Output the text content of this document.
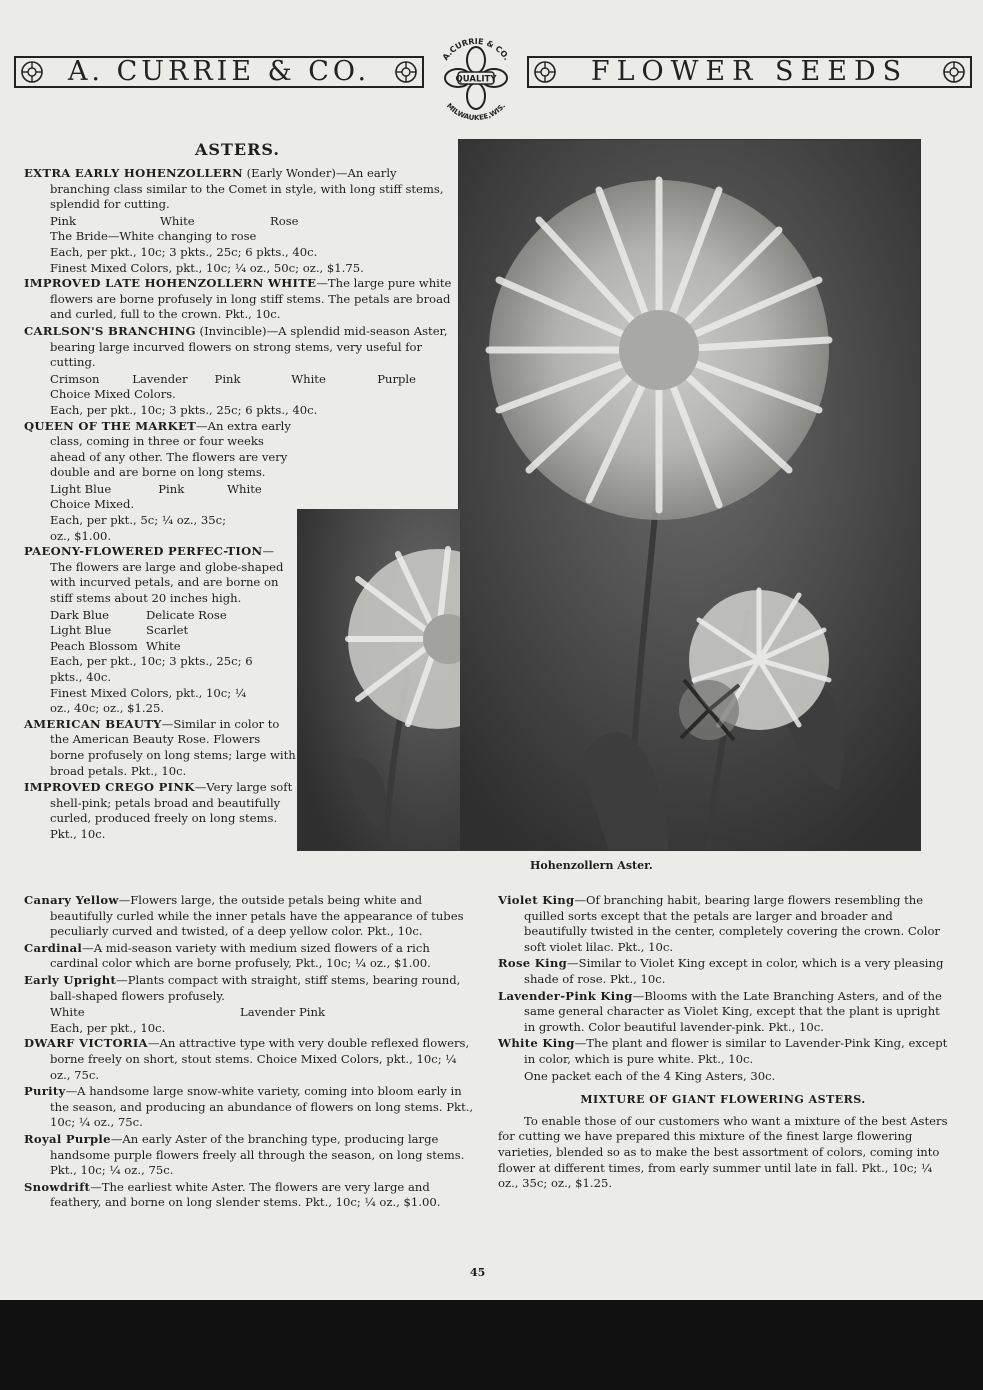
A. CURRIE & CO.	QUALITY
A.CURRIE & CO.
MILWAUKEE,WIS.
FLOWER SEEDS
ASTERS.
Hohenzollern Aster.
EXTRA EARLY HOHENZOLLERN (Early Wonder)—An early branching class similar to the Comet in style, with long stiff stems, splendid for cutting.
Pink	White	Rose
The Bride—White changing to rose
Each, per pkt., 10c; 3 pkts., 25c; 6 pkts., 40c.
Finest Mixed Colors, pkt., 10c; ¼ oz., 50c; oz., $1.75.
IMPROVED LATE HOHENZOLLERN WHITE—The large pure white flowers are borne profusely in long stiff stems. The petals are broad and curled, full to the crown. Pkt., 10c.
CARLSON'S BRANCHING (Invincible)—A splendid mid-season Aster, bearing large incurved flowers on strong stems, very useful for cutting.
Crimson	Lavender	Pink	White	Purple
Choice Mixed Colors.
Each, per pkt., 10c; 3 pkts., 25c; 6 pkts., 40c.
QUEEN OF THE MARKET—An extra early class, coming in three or four weeks ahead of any other. The flowers are very double and are borne on long stems.
Light Blue	Pink	White
Choice Mixed.
Each, per pkt., 5c; ¼ oz., 35c;
oz., $1.00.
PAEONY-FLOWERED PERFEC-TION—The flowers are large and globe-shaped with incurved petals, and are borne on stiff stems about 20 inches high.
Dark Blue	Delicate Rose
Light Blue	Scarlet
Peach Blossom White
Each, per pkt., 10c; 3 pkts., 25c; 6 pkts., 40c.
Finest Mixed Colors, pkt., 10c; ¼ oz., 40c; oz., $1.25.
AMERICAN BEAUTY—Similar in color to the American Beauty Rose. Flowers borne profusely on long stems; large with broad petals. Pkt., 10c.
IMPROVED CREGO PINK—Very large soft shell-pink; petals broad and beautifully curled, produced freely on long stems. Pkt., 10c.
Canary Yellow—Flowers large, the outside petals being white and beautifully curled while the inner petals have the appearance of tubes peculiarly curved and twisted, of a deep yellow color. Pkt., 10c.
Cardinal—A mid-season variety with medium sized flowers of a rich cardinal color which are borne profusely, Pkt., 10c; ¼ oz., $1.00.
Early Upright—Plants compact with straight, stiff stems, bearing round, ball-shaped flowers profusely.
White	Lavender Pink
Each, per pkt., 10c.
DWARF VICTORIA—An attractive type with very double reflexed flowers, borne freely on short, stout stems. Choice Mixed Colors, pkt., 10c; ¼ oz., 75c.
Purity—A handsome large snow-white variety, coming into bloom early in the season, and producing an abundance of flowers on long stems. Pkt., 10c; ¼ oz., 75c.
Royal Purple—An early Aster of the branching type, producing large handsome purple flowers freely all through the season, on long stems. Pkt., 10c; ¼ oz., 75c.
Snowdrift—The earliest white Aster. The flowers are very large and feathery, and borne on long slender stems. Pkt., 10c; ¼ oz., $1.00.
Violet King—Of branching habit, bearing large flowers resembling the quilled sorts except that the petals are larger and broader and beautifully twisted in the center, completely covering the crown. Color soft violet lilac. Pkt., 10c.
Rose King—Similar to Violet King except in color, which is a very pleasing shade of rose. Pkt., 10c.
Lavender-Pink King—Blooms with the Late Branching Asters, and of the same general character as Violet King, except that the plant is upright in growth. Color beautiful lavender-pink. Pkt., 10c.
White King—The plant and flower is similar to Lavender-Pink King, except in color, which is pure white. Pkt., 10c.
One packet each of the 4 King Asters, 30c.
MIXTURE OF GIANT FLOWERING ASTERS.
To enable those of our customers who want a mixture of the best Asters for cutting we have prepared this mixture of the finest large flowering varieties, blended so as to make the best assortment of colors, coming into flower at different times, from early summer until late in fall. Pkt., 10c; ¼ oz., 35c; oz., $1.25.
45
